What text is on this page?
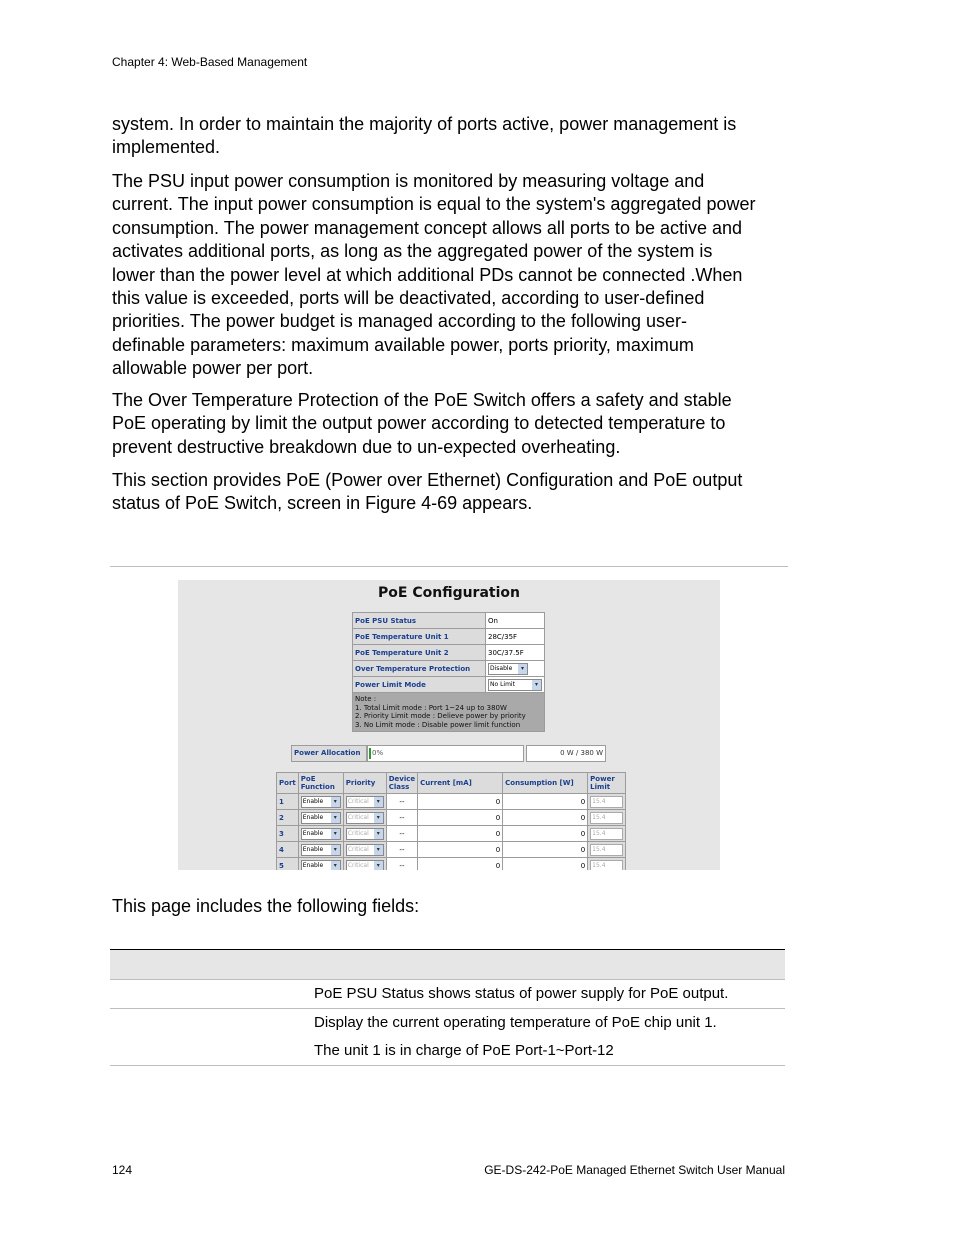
Chapter 4: Web-Based Management
system. In order to maintain the majority of ports active, power management is
implemented.
The PSU input power consumption is monitored by measuring voltage and
current. The input power consumption is equal to the system's aggregated power
consumption. The power management concept allows all ports to be active and
activates additional ports, as long as the aggregated power of the system is
lower than the power level at which additional PDs cannot be connected .When
this value is exceeded, ports will be deactivated, according to user-defined
priorities. The power budget is managed according to the following user-
definable parameters: maximum available power, ports priority, maximum
allowable power per port.
The Over Temperature Protection of the PoE Switch offers a safety and stable
PoE operating by limit the output power according to detected temperature to
prevent destructive breakdown due to un-expected overheating.
This section provides PoE (Power over Ethernet) Configuration and PoE output
status of PoE Switch, screen in Figure 4-69 appears.
PoE Configuration
PoE PSU Status	On
PoE Temperature Unit 1	28C/35F
PoE Temperature Unit 2	30C/37.5F
Over Temperature Protection	Disable ▾

Power Limit Mode	No Limit ▾

Note :
1. Total Limit mode : Port 1~24 up to 380W
2. Priority Limit mode : Delieve power by priority
3. No Limit mode : Disable power limit function	
Power Allocation	0%	0 W / 380 W
Port	PoE Function	Priority	Device Class	Current [mA]	Consumption [W]	Power Limit
1	Enable ▾	Critical ▾	--	0	0	15.4
2	Enable ▾	Critical ▾	--	0	0	15.4
3	Enable ▾	Critical ▾	--	0	0	15.4
4	Enable ▾	Critical ▾	--	0	0	15.4
5	Enable ▾	Critical ▾	--	0	0	15.4
This page includes the following fields:
PoE PSU Status shows status of power supply for PoE output.
Display the current operating temperature of PoE chip unit 1.
The unit 1 is in charge of PoE Port-1~Port-12
124	GE-DS-242-PoE Managed Ethernet Switch User Manual
